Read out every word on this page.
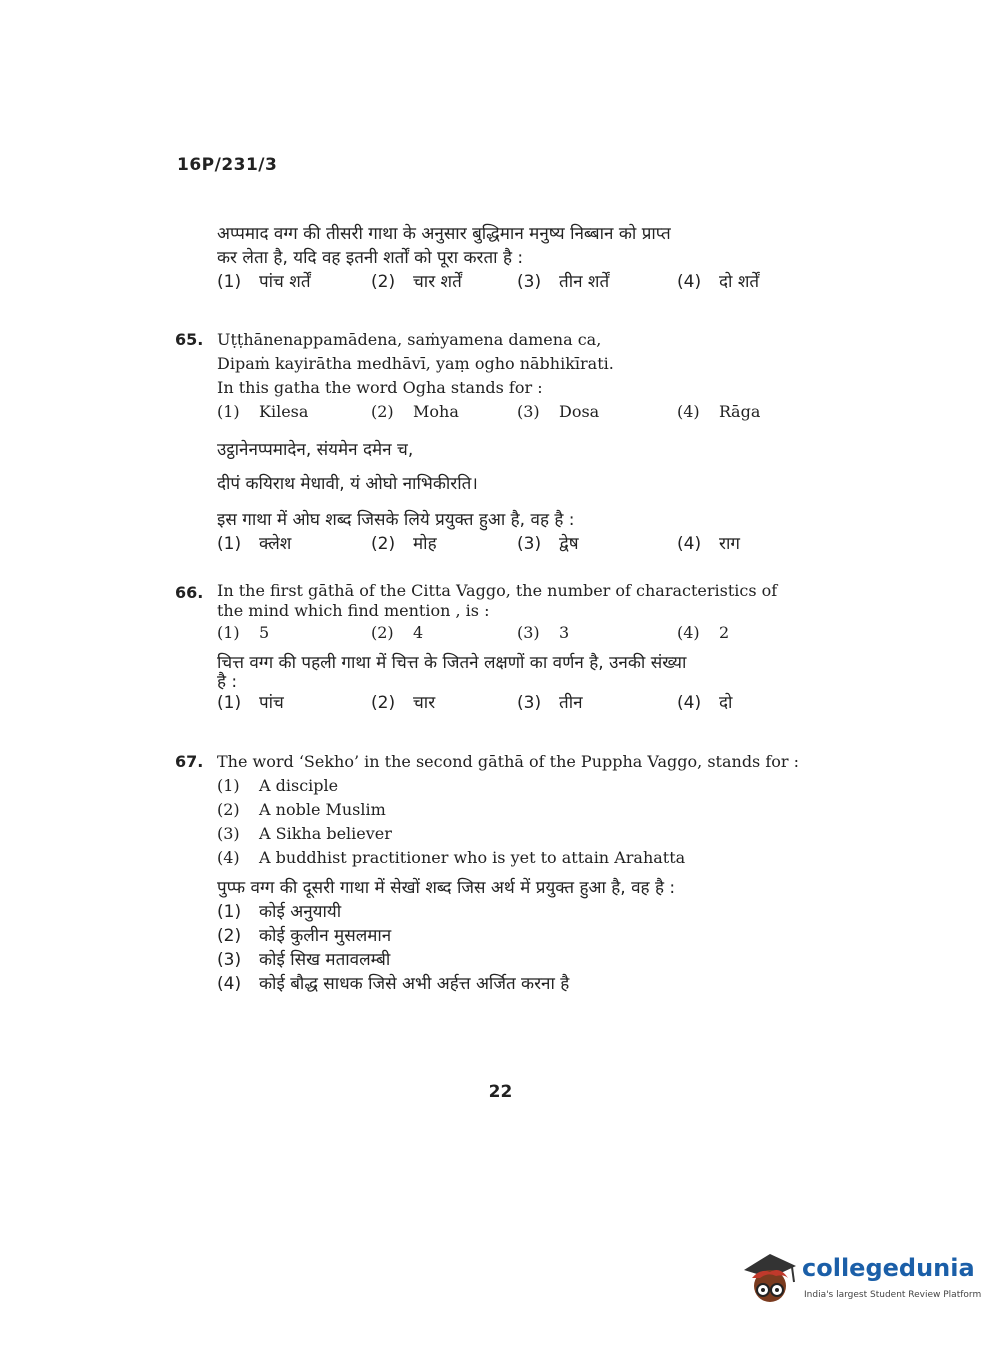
16P/231/3

अप्पमाद वग्ग की तीसरी गाथा के अनुसार बुद्धिमान मनुष्य निब्बान को प्राप्त

कर लेता है, यदि वह इतनी शर्तों को पूरा करता है :

(1)	पांच शर्तें	(2)	चार शर्तें	(3)	तीन शर्तें	(4)	दो शर्तें
65. Uṭṭhānenappamādena, saṁyamena damena ca,

Dipaṁ kayirātha medhāvī, yaṃ ogho nābhikīrati.

In this gatha the word Ogha stands for :

(1)	Kilesa	(2)	Moha	(3)	Dosa	(4)	Rāga

उट्ठानेनप्पमादेन, संयमेन दमेन च,

दीपं कयिराथ मेधावी, यं ओघो नाभिकीरति।

इस गाथा में ओघ शब्द जिसके लिये प्रयुक्त हुआ है, वह है :

(1)	क्लेश	(2)	मोह	(3)	द्वेष	(4)	राग
66. In the first gāthā of the Citta Vaggo, the number of characteristics of

the mind which find mention , is :

(1)	5	(2)	4	(3)	3	(4)	2

चित्त वग्ग की पहली गाथा में चित्त के जितने लक्षणों का वर्णन है, उनकी संख्या

है :

(1)	पांच	(2)	चार	(3)	तीन	(4)	दो
67. The word ‘Sekho’ in the second gāthā of the Puppha Vaggo, stands for :

(1)	A disciple
(2)	A noble Muslim
(3)	A Sikha believer
(4)	A buddhist practitioner who is yet to attain Arahatta

पुप्फ वग्ग की दूसरी गाथा में सेखों शब्द जिस अर्थ में प्रयुक्त हुआ है, वह है :

(1)	कोई अनुयायी
(2)	कोई कुलीन मुसलमान
(3)	कोई सिख मतावलम्बी
(4)	कोई बौद्ध साधक जिसे अभी अर्हत्त अर्जित करना है
22
collegedunia
India's largest Student Review Platform
